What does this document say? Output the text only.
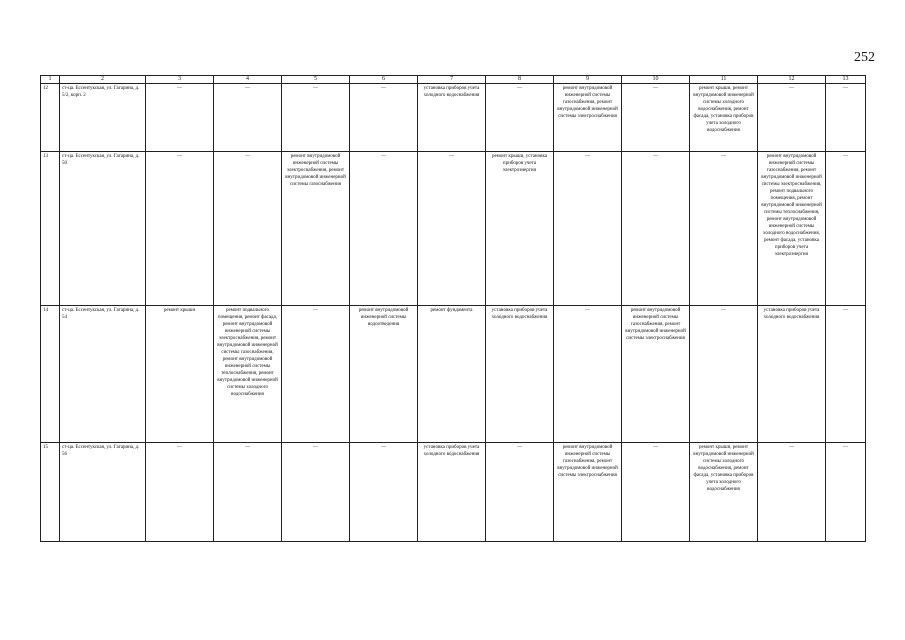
252
1	2	3	4	5	6	7	8	9	10	11	12	13
12	ст-ца. Ессентукская, ул. Гагарина, д. 5/2, корп. 2	—	—	—	—	установка приборов учета холодного водоснабжения	—	ремонт внутридомовой инженерной системы газоснабжения, ремонт внутридомовой инженерной системы электроснабжения	—	ремонт крыши, ремонт внутридомовой инженерной системы холодного водоснабжения, ремонт фасада, установка приборов учета холодного водоснабжения	—	—
13	ст-ца. Ессентукская, ул. Гагарина, д. 50	—	—	ремонт внутридомовой инженерной системы электроснабжения, ремонт внутридомовой инженерной системы газоснабжения	—	—	ремонт крыши, установка приборов учета электроэнергии	—	—	—	ремонт внутридомовой инженерной системы газоснабжения, ремонт внутридомовой инженерной системы электроснабжения, ремонт подвального помещения, ремонт внутридомовой инженерной системы теплоснабжения, ремонт внутридомовой инженерной системы холодного водоснабжения, ремонт фасада, установка приборов учета электроэнергии	—
14	ст-ца. Ессентукская, ул. Гагарина, д. 54	ремонт крыши	ремонт подвального помещения, ремонт фасада, ремонт внутридомовой инженерной системы электроснабжения, ремонт внутридомовой инженерной системы газоснабжения, ремонт внутридомовой инженерной системы теплоснабжения, ремонт внутридомовой инженерной системы холодного водоснабжения	—	ремонт внутридомовой инженерной системы водоотведения	ремонт фундамента	установка приборов учета холодного водоснабжения	—	ремонт внутридомовой инженерной системы газоснабжения, ремонт внутридомовой инженерной системы электроснабжения	—	установка приборов учета холодного водоснабжения	—
15	ст-ца. Ессентукская, ул. Гагарина, д. 56	—	—	—	—	установка приборов учета холодного водоснабжения	—	ремонт внутридомовой инженерной системы газоснабжения, ремонт внутридомовой инженерной системы электроснабжения	—	ремонт крыши, ремонт внутридомовой инженерной системы холодного водоснабжения, ремонт фасада, установка приборов учета холодного водоснабжения	—	—
